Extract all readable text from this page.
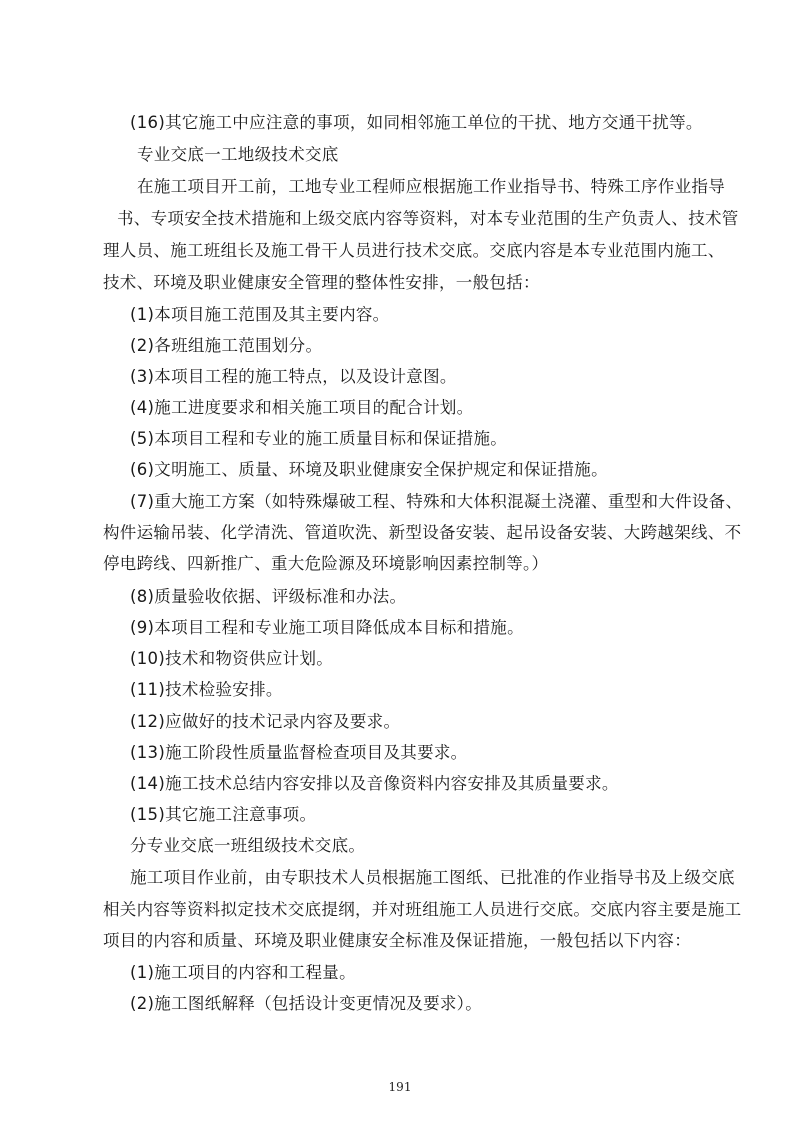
(16)其它施工中应注意的事项，如同相邻施工单位的干扰、地方交通干扰等。
专业交底一工地级技术交底
在施工项目开工前，工地专业工程师应根据施工作业指导书、特殊工序作业指导
书、专项安全技术措施和上级交底内容等资料，对本专业范围的生产负责人、技术管
理人员、施工班组长及施工骨干人员进行技术交底。交底内容是本专业范围内施工、
技术、环境及职业健康安全管理的整体性安排，一般包括：
(1)本项目施工范围及其主要内容。
(2)各班组施工范围划分。
(3)本项目工程的施工特点，以及设计意图。
(4)施工进度要求和相关施工项目的配合计划。
(5)本项目工程和专业的施工质量目标和保证措施。
(6)文明施工、质量、环境及职业健康安全保护规定和保证措施。
(7)重大施工方案（如特殊爆破工程、特殊和大体积混凝土浇灌、重型和大件设备、
构件运输吊装、化学清洗、管道吹洗、新型设备安装、起吊设备安装、大跨越架线、不
停电跨线、四新推广、重大危险源及环境影响因素控制等。）
(8)质量验收依据、评级标准和办法。
(9)本项目工程和专业施工项目降低成本目标和措施。
(10)技术和物资供应计划。
(11)技术检验安排。
(12)应做好的技术记录内容及要求。
(13)施工阶段性质量监督检查项目及其要求。
(14)施工技术总结内容安排以及音像资料内容安排及其质量要求。
(15)其它施工注意事项。
分专业交底一班组级技术交底。
施工项目作业前，由专职技术人员根据施工图纸、已批准的作业指导书及上级交底
相关内容等资料拟定技术交底提纲，并对班组施工人员进行交底。交底内容主要是施工
项目的内容和质量、环境及职业健康安全标准及保证措施，一般包括以下内容：
(1)施工项目的内容和工程量。
(2)施工图纸解释（包括设计变更情况及要求）。
191
